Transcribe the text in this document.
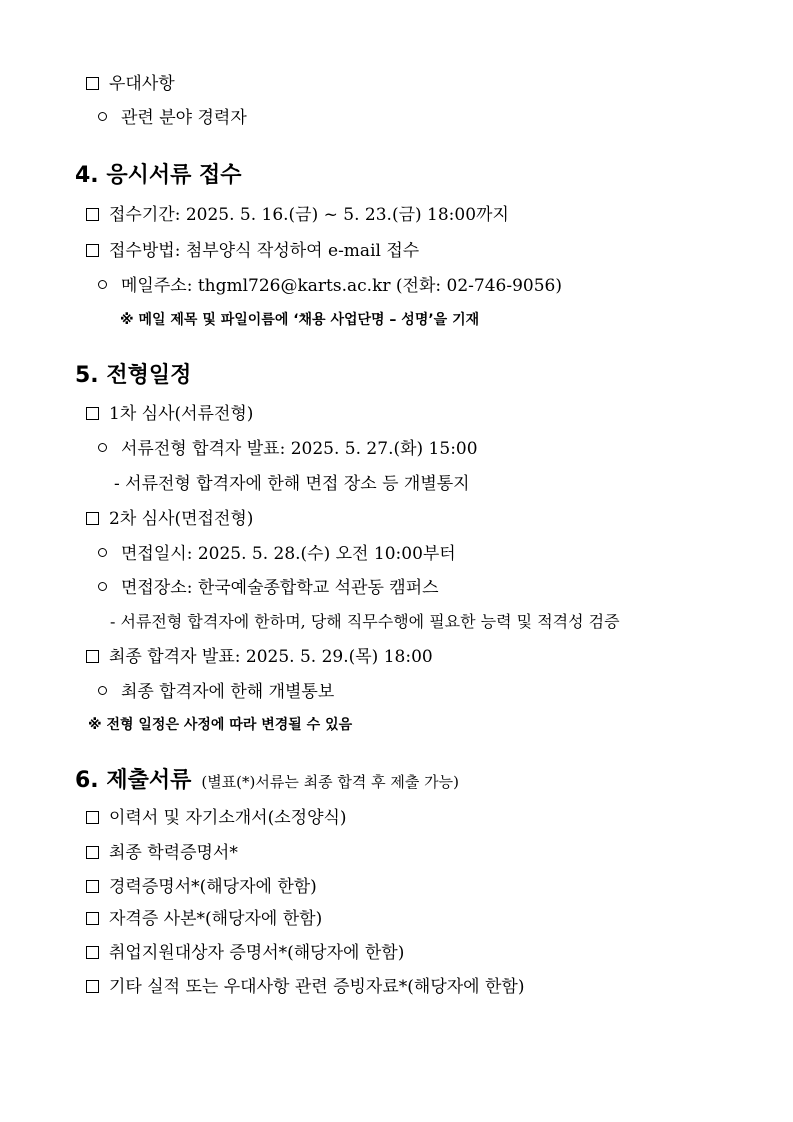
우대사항
관련 분야 경력자
4. 응시서류 접수
접수기간: 2025. 5. 16.(금) ~ 5. 23.(금) 18:00까지
접수방법: 첨부양식 작성하여 e-mail 접수
메일주소: thgml726@karts.ac.kr (전화: 02-746-9056)
※ 메일 제목 및 파일이름에 ‘채용 사업단명 – 성명’을 기재
5. 전형일정
1차 심사(서류전형)
서류전형 합격자 발표: 2025. 5. 27.(화) 15:00
- 서류전형 합격자에 한해 면접 장소 등 개별통지
2차 심사(면접전형)
면접일시: 2025. 5. 28.(수) 오전 10:00부터
면접장소: 한국예술종합학교 석관동 캠퍼스
- 서류전형 합격자에 한하며, 당해 직무수행에 필요한 능력 및 적격성 검증
최종 합격자 발표: 2025. 5. 29.(목) 18:00
최종 합격자에 한해 개별통보
※ 전형 일정은 사정에 따라 변경될 수 있음
6. 제출서류 (별표(*)서류는 최종 합격 후 제출 가능)
이력서 및 자기소개서(소정양식)
최종 학력증명서*
경력증명서*(해당자에 한함)
자격증 사본*(해당자에 한함)
취업지원대상자 증명서*(해당자에 한함)
기타 실적 또는 우대사항 관련 증빙자료*(해당자에 한함)
